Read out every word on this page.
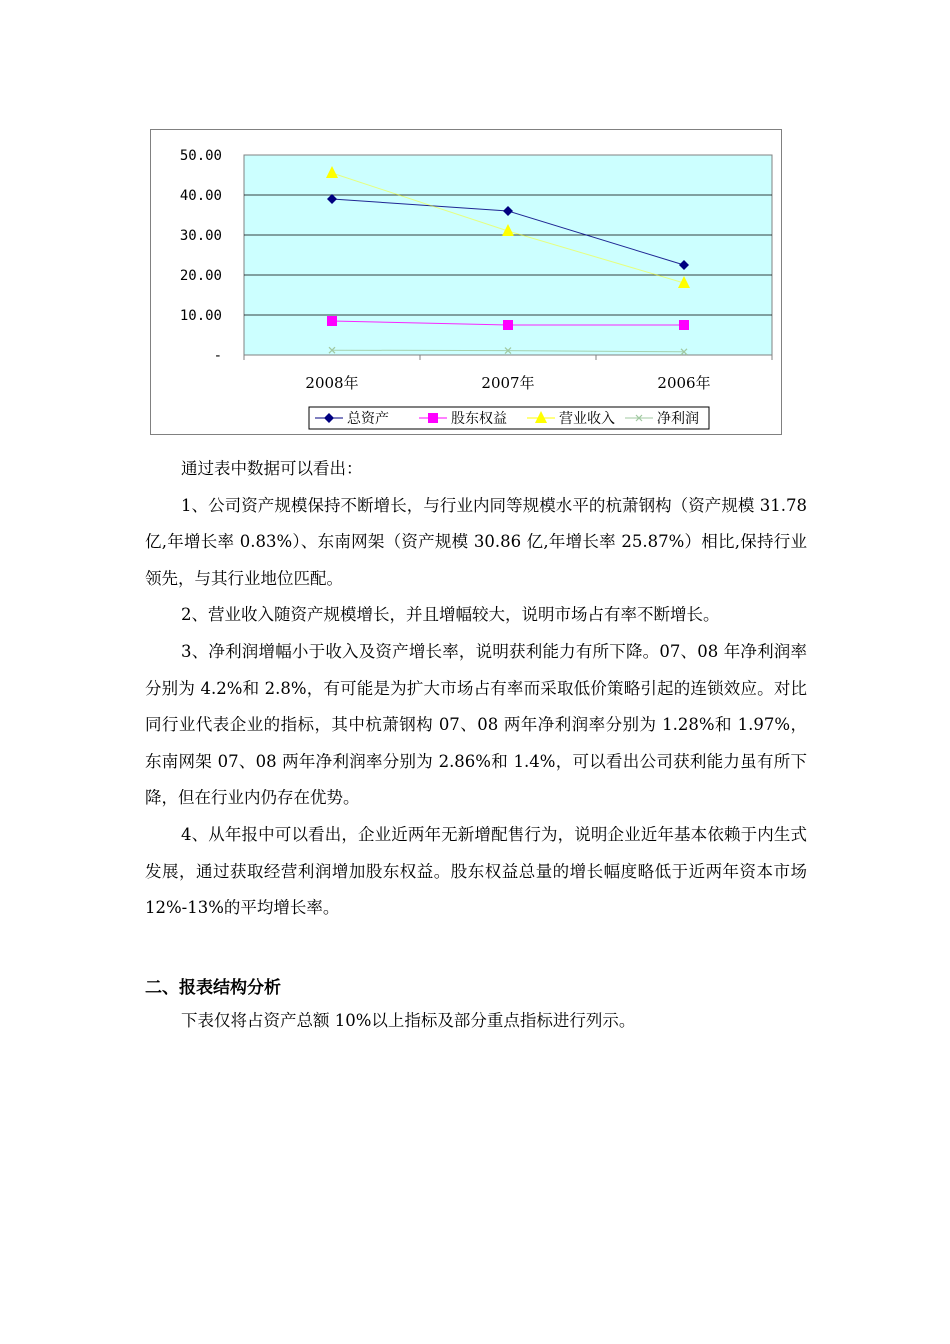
50.00
40.00
30.00
20.00
10.00
-
2008年	2007年	2006年
总资产	股东权益	营业收入	净利润

通过表中数据可以看出：

1、公司资产规模保持不断增长，与行业内同等规模水平的杭萧钢构（资产规模 31.78 亿,年增长率 0.83%）、东南网架（资产规模 30.86 亿,年增长率 25.87%）相比,保持行业领先，与其行业地位匹配。

2、营业收入随资产规模增长，并且增幅较大，说明市场占有率不断增长。

3、净利润增幅小于收入及资产增长率，说明获利能力有所下降。07、08 年净利润率分别为 4.2%和 2.8%，有可能是为扩大市场占有率而采取低价策略引起的连锁效应。对比同行业代表企业的指标，其中杭萧钢构 07、08 两年净利润率分别为 1.28%和 1.97%，东南网架 07、08 两年净利润率分别为 2.86%和 1.4%，可以看出公司获利能力虽有所下降，但在行业内仍存在优势。

4、从年报中可以看出，企业近两年无新增配售行为，说明企业近年基本依赖于内生式发展，通过获取经营利润增加股东权益。股东权益总量的增长幅度略低于近两年资本市场 12%-13%的平均增长率。

二、报表结构分析
下表仅将占资产总额 10%以上指标及部分重点指标进行列示。
